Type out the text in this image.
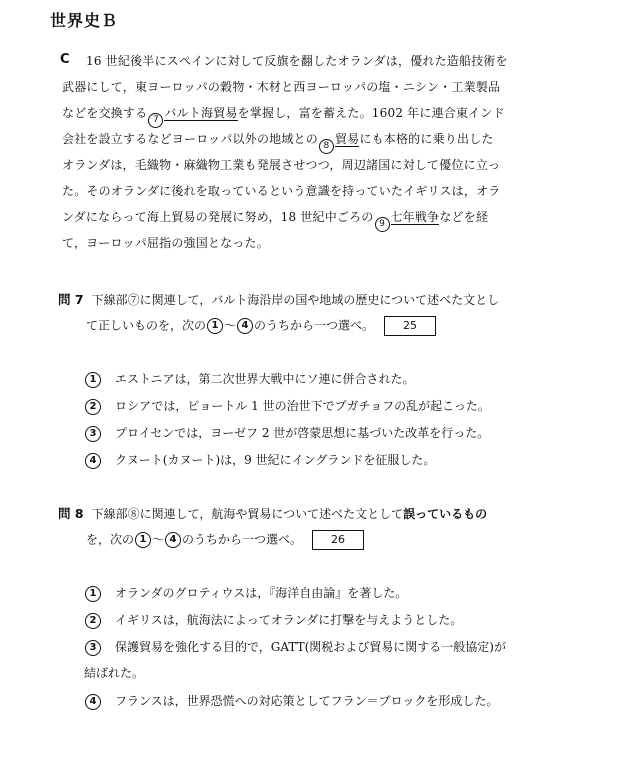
世界史Ｂ
C 16 世紀後半にスペインに対して反旗を翻したオランダは，優れた造船技術を
武器にして，東ヨーロッパの穀物・木材と西ヨーロッパの塩・ニシン・工業製品
などを交換する 7 バルト海貿易を掌握し，富を蓄えた。1602 年に連合東インド
会社を設立するなどヨーロッパ以外の地域との 8 貿易にも本格的に乗り出した
オランダは，毛織物・麻織物工業も発展させつつ，周辺諸国に対して優位に立っ
た。そのオランダに後れを取っているという意識を持っていたイギリスは，オラ
ンダにならって海上貿易の発展に努め，18 世紀中ごろの 9 七年戦争などを経
て，ヨーロッパ屈指の強国となった。
問 7 下線部⑦に関連して，バルト海沿岸の国や地域の歴史について述べた文とし
て正しいものを，次の 1 ～ 4 のうちから一つ選べ。	25
1 エストニアは，第二次世界大戦中にソ連に併合された。
2 ロシアでは，ピョートル 1 世の治世下でプガチョフの乱が起こった。
3 プロイセンでは，ヨーゼフ 2 世が啓蒙思想に基づいた改革を行った。
4 クヌート(カヌート)は，9 世紀にイングランドを征服した。
問 8 下線部⑧に関連して，航海や貿易について述べた文として誤っているもの
を，次の 1 ～ 4 のうちから一つ選べ。	26
1 オランダのグロティウスは，『海洋自由論』を著した。
2 イギリスは，航海法によってオランダに打撃を与えようとした。
3 保護貿易を強化する目的で，GATT(関税および貿易に関する一般協定)が
結ばれた。
4 フランスは，世界恐慌への対応策としてフラン＝ブロックを形成した。
